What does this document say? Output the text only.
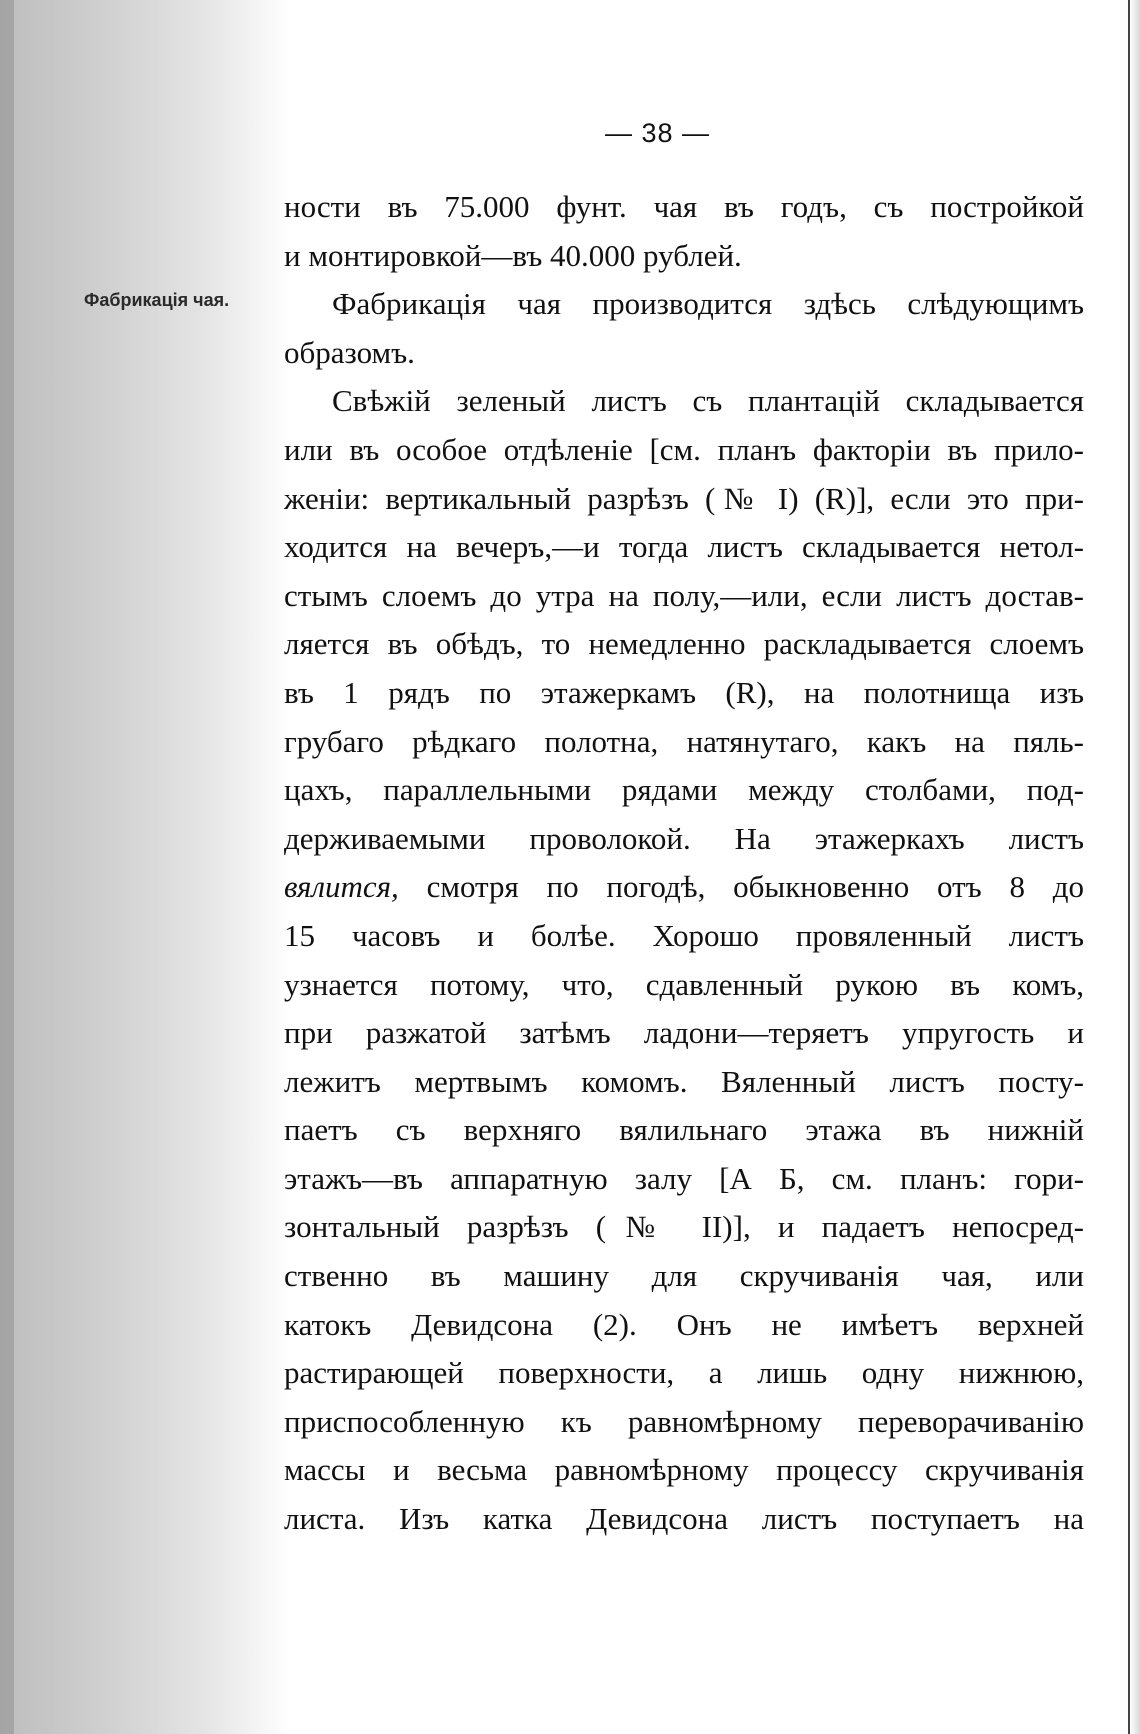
— 38 —
Фабрикація чая.
ности въ 75.000 фунт. чая въ годъ, съ постройкой
и монтировкой—въ 40.000 рублей.
Фабрикація чая производится здѣсь слѣдующимъ
образомъ.
Свѣжій зеленый листъ съ плантацій складывается
или въ особое отдѣленіе [см. планъ факторіи въ прило-
женіи: вертикальный разрѣзъ (№ I) (R)], если это при-
ходится на вечеръ,—и тогда листъ складывается нетол-
стымъ слоемъ до утра на полу,—или, если листъ достав-
ляется въ обѣдъ, то немедленно раскладывается слоемъ
въ 1 рядъ по этажеркамъ (R), на полотнища изъ
грубаго рѣдкаго полотна, натянутаго, какъ на пяль-
цахъ, параллельными рядами между столбами, под-
держиваемыми проволокой. На этажеркахъ листъ
вялится, смотря по погодѣ, обыкновенно отъ 8 до
15 часовъ и болѣе. Хорошо провяленный листъ
узнается потому, что, сдавленный рукою въ комъ,
при разжатой затѣмъ ладони—теряетъ упругость и
лежитъ мертвымъ комомъ. Вяленный листъ посту-
паетъ съ верхняго вялильнаго этажа въ нижній
этажъ—въ аппаратную залу [А Б, см. планъ: гори-
зонтальный разрѣзъ (№ II)], и падаетъ непосред-
ственно въ машину для скручиванія чая, или
катокъ Девидсона (2). Онъ не имѣетъ верхней
растирающей поверхности, а лишь одну нижнюю,
приспособленную къ равномѣрному переворачиванію
массы и весьма равномѣрному процессу скручиванія
листа. Изъ катка Девидсона листъ поступаетъ на
